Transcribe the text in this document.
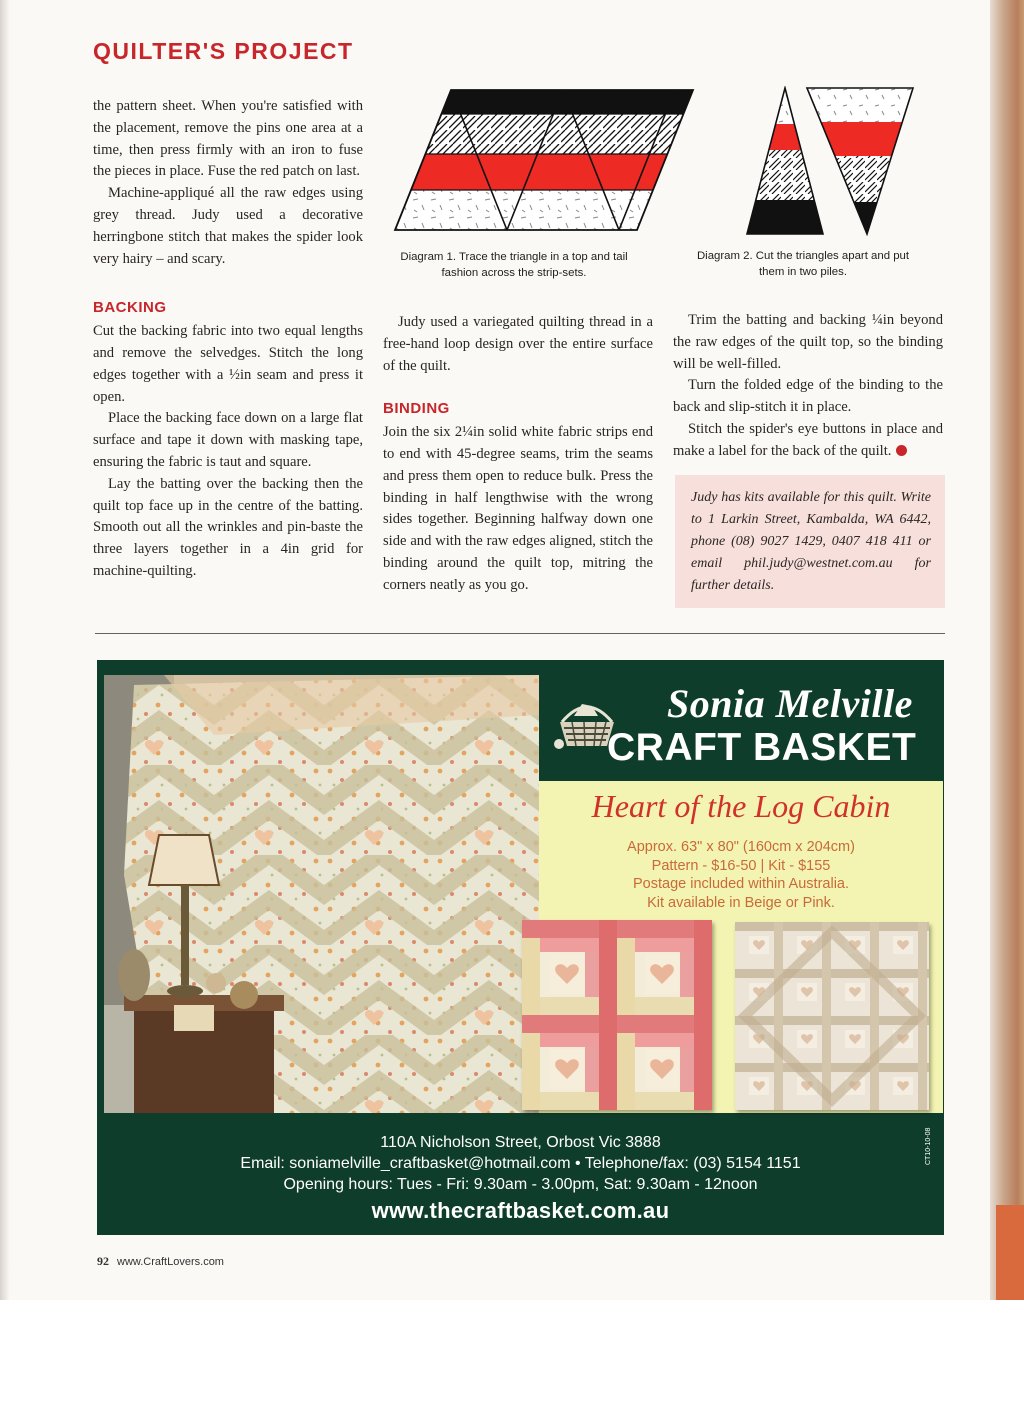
QUILTER'S PROJECT

the pattern sheet. When you're satisfied with the placement, remove the pins one area at a time, then press firmly with an iron to fuse the pieces in place. Fuse the red patch on last.

Machine-appliqué all the raw edges using grey thread. Judy used a decorative herringbone stitch that makes the spider look very hairy – and scary.

BACKING

Cut the backing fabric into two equal lengths and remove the selvedges. Stitch the long edges together with a ½in seam and press it open.

Place the backing face down on a large flat surface and tape it down with masking tape, ensuring the fabric is taut and square.

Lay the batting over the backing then the quilt top face up in the centre of the batting. Smooth out all the wrinkles and pin-baste the three layers together in a 4in grid for machine-quilting.

Diagram 1. Trace the triangle in a top and tail fashion across the strip-sets.
Diagram 2. Cut the triangles apart and put them in two piles.

Judy used a variegated quilting thread in a free-hand loop design over the entire surface of the quilt.

BINDING

Join the six 2¼in solid white fabric strips end to end with 45-degree seams, trim the seams and press them open to reduce bulk. Press the binding in half lengthwise with the wrong sides together. Beginning halfway down one side and with the raw edges aligned, stitch the binding around the quilt top, mitring the corners neatly as you go.

Trim the batting and backing ¼in beyond the raw edges of the quilt top, so the binding will be well-filled.

Turn the folded edge of the binding to the back and slip-stitch it in place.

Stitch the spider's eye buttons in place and make a label for the back of the quilt.

Judy has kits available for this quilt. Write to 1 Larkin Street, Kambalda, WA 6442, phone (08) 9027 1429, 0407 418 411 or email phil.judy@westnet.com.au for further details.
Sonia Melville
CRAFT BASKET
Heart of the Log Cabin
Approx. 63" x 80" (160cm x 204cm)
Pattern - $16-50 | Kit - $155
Postage included within Australia.
Kit available in Beige or Pink.
110A Nicholson Street, Orbost Vic 3888
Email: soniamelville_craftbasket@hotmail.com • Telephone/fax: (03) 5154 1151
Opening hours: Tues - Fri: 9.30am - 3.00pm, Sat: 9.30am - 12noon
www.thecraftbasket.com.au
CT10-10-08
92 www.CraftLovers.com
